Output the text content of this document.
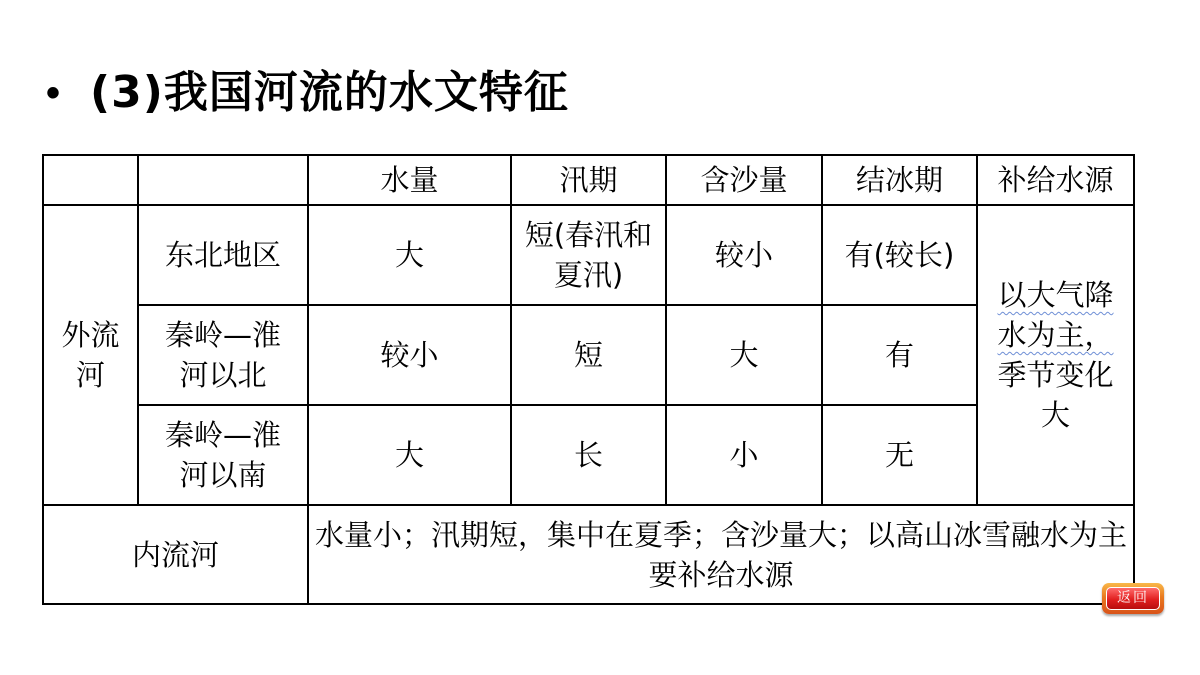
• (3)我国河流的水文特征
		水量	汛期	含沙量	结冰期	补给水源
外流河	东北地区	大	短(春汛和夏汛)	较小	有(较长)	以大气降水为主，季节变化大
	秦岭—淮河以北	较小	短	大	有	
	秦岭—淮河以南	大	长	小	无	
内流河		水量小；汛期短，集中在夏季；含沙量大；以高山冰雪融水为主要补给水源				
返回
